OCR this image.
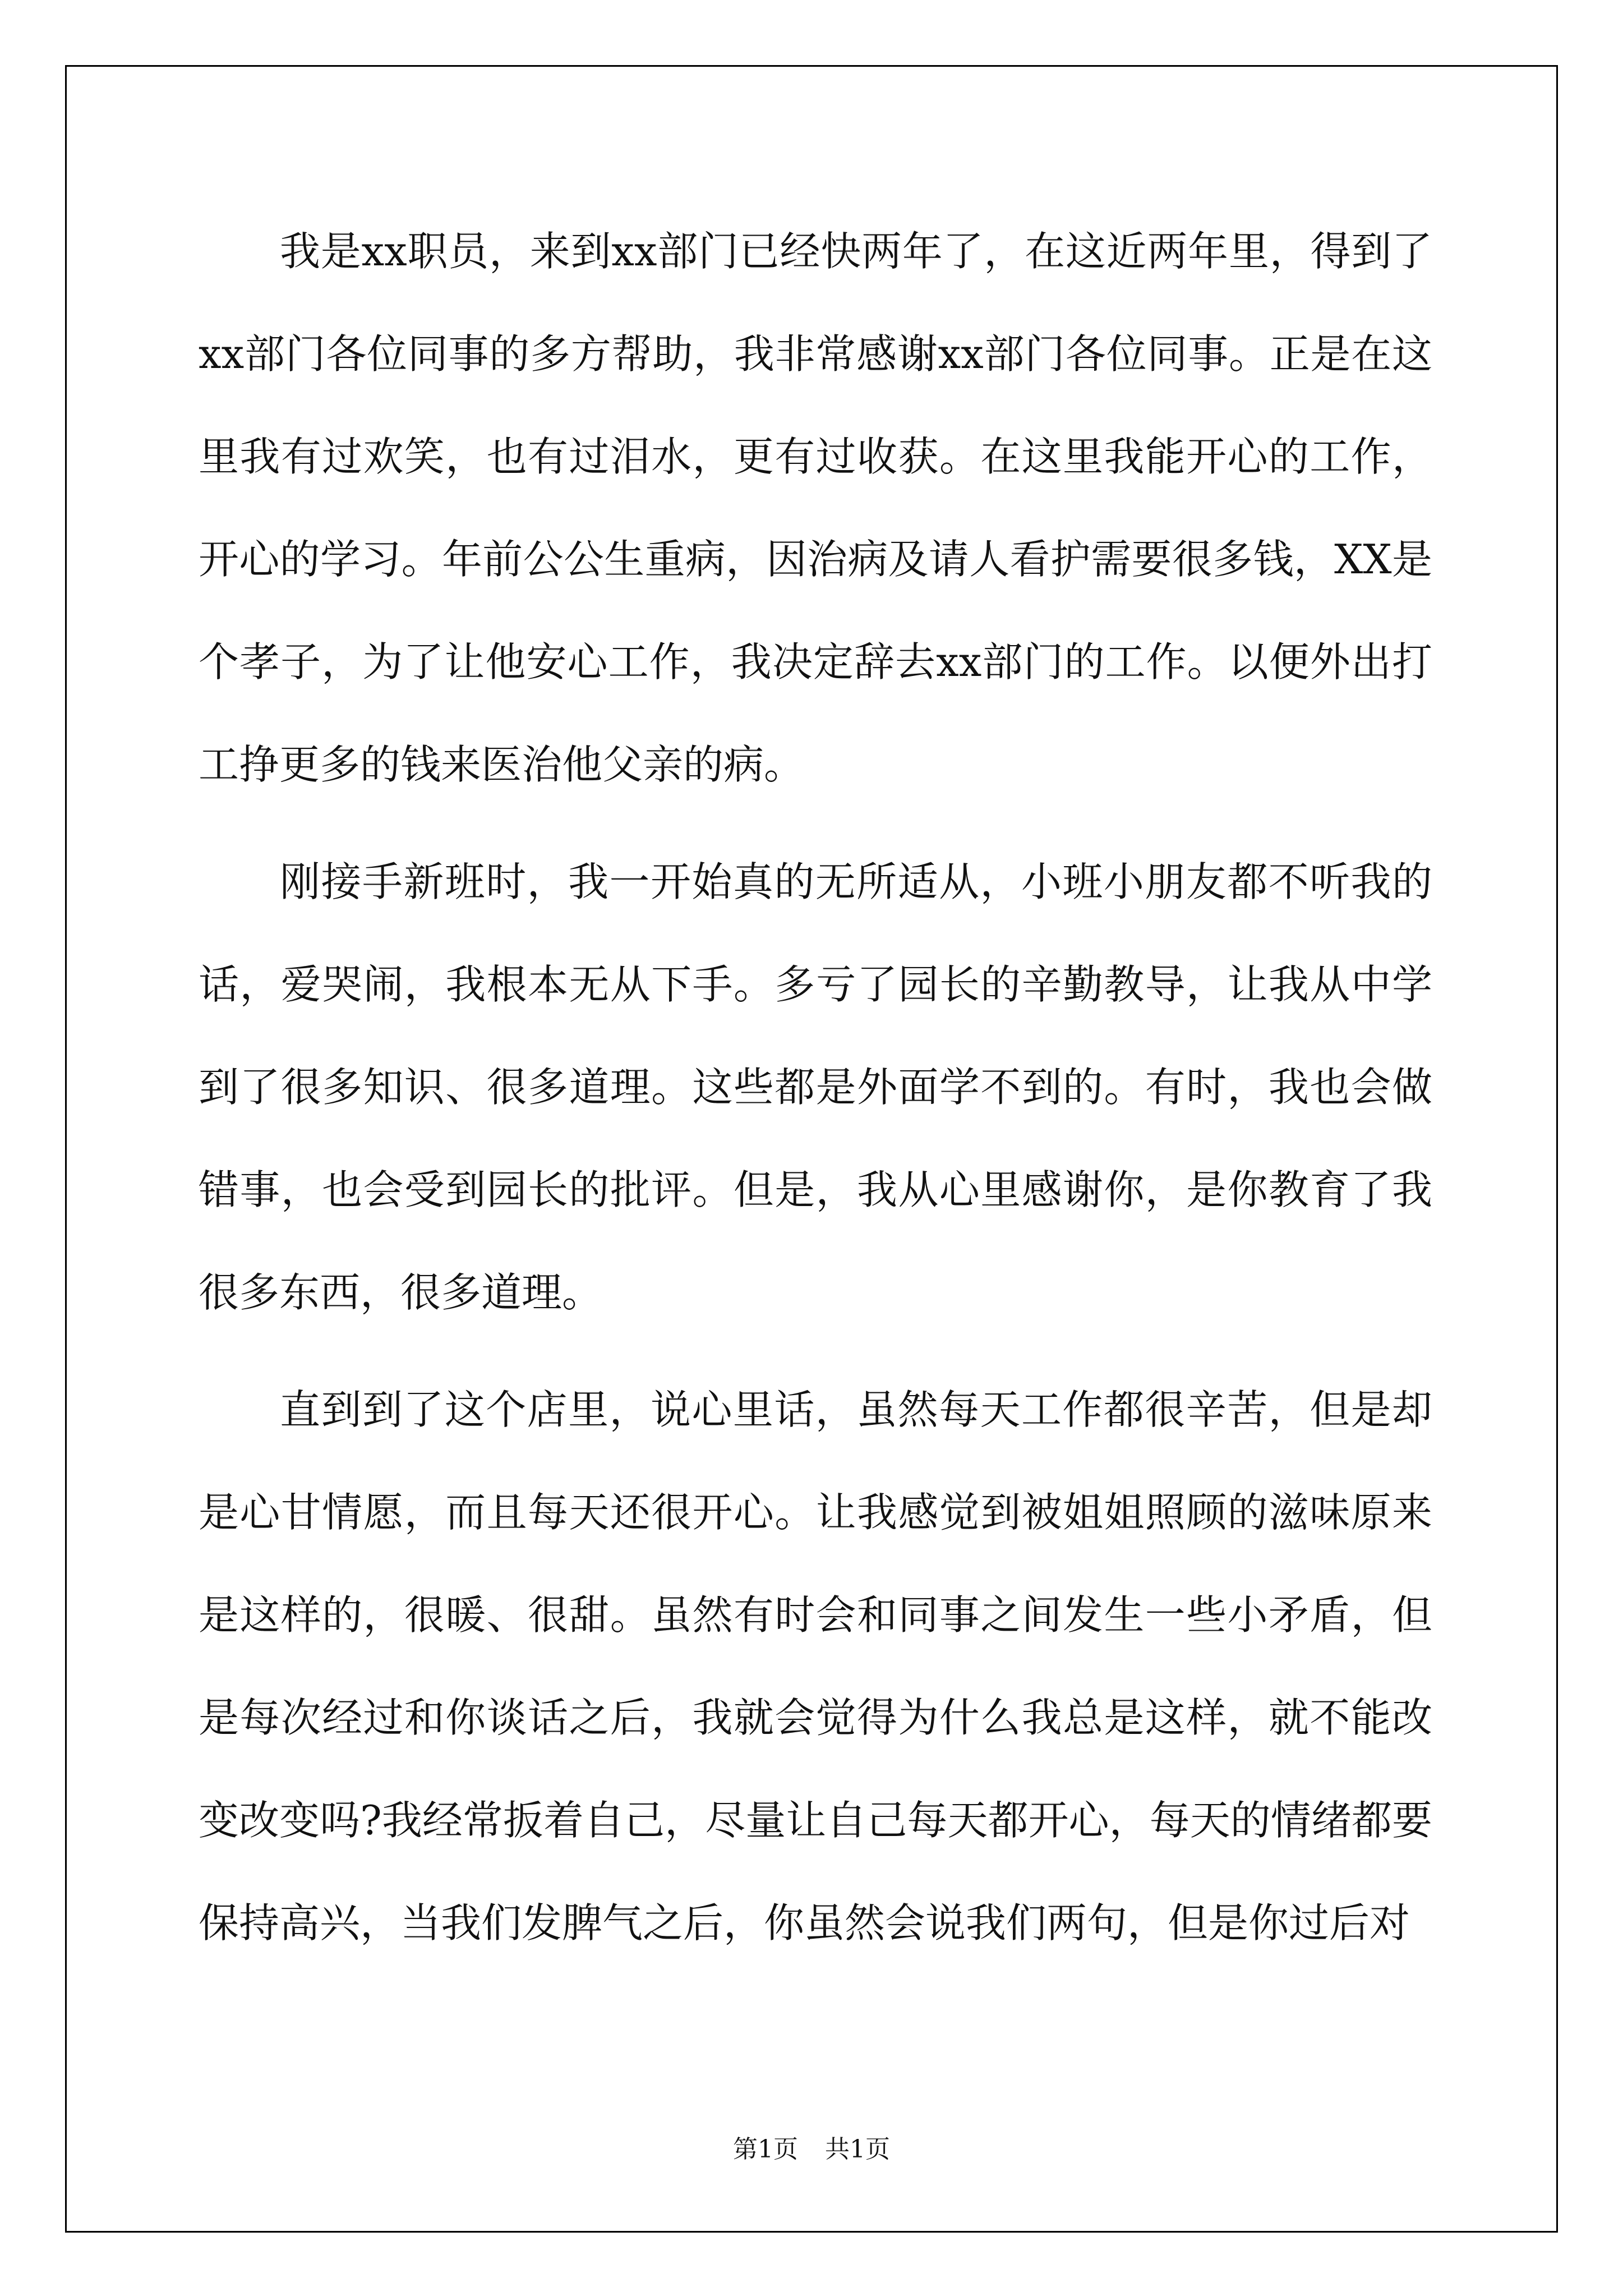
我是xx职员，来到xx部门已经快两年了，在这近两年里，得到了xx部门各位同事的多方帮助，我非常感谢xx部门各位同事。正是在这里我有过欢笑，也有过泪水，更有过收获。在这里我能开心的工作，开心的学习。年前公公生重病，因治病及请人看护需要很多钱，XX是个孝子，为了让他安心工作，我决定辞去xx部门的工作。以便外出打工挣更多的钱来医治他父亲的病。

刚接手新班时，我一开始真的无所适从，小班小朋友都不听我的话，爱哭闹，我根本无从下手。多亏了园长的辛勤教导，让我从中学到了很多知识、很多道理。这些都是外面学不到的。有时，我也会做错事，也会受到园长的批评。但是，我从心里感谢你，是你教育了我很多东西，很多道理。

直到到了这个店里，说心里话，虽然每天工作都很辛苦，但是却是心甘情愿，而且每天还很开心。让我感觉到被姐姐照顾的滋味原来是这样的，很暖、很甜。虽然有时会和同事之间发生一些小矛盾，但是每次经过和你谈话之后，我就会觉得为什么我总是这样，就不能改变改变吗?我经常扳着自己，尽量让自己每天都开心，每天的情绪都要保持高兴，当我们发脾气之后，你虽然会说我们两句，但是你过后对

第1页 共1页
